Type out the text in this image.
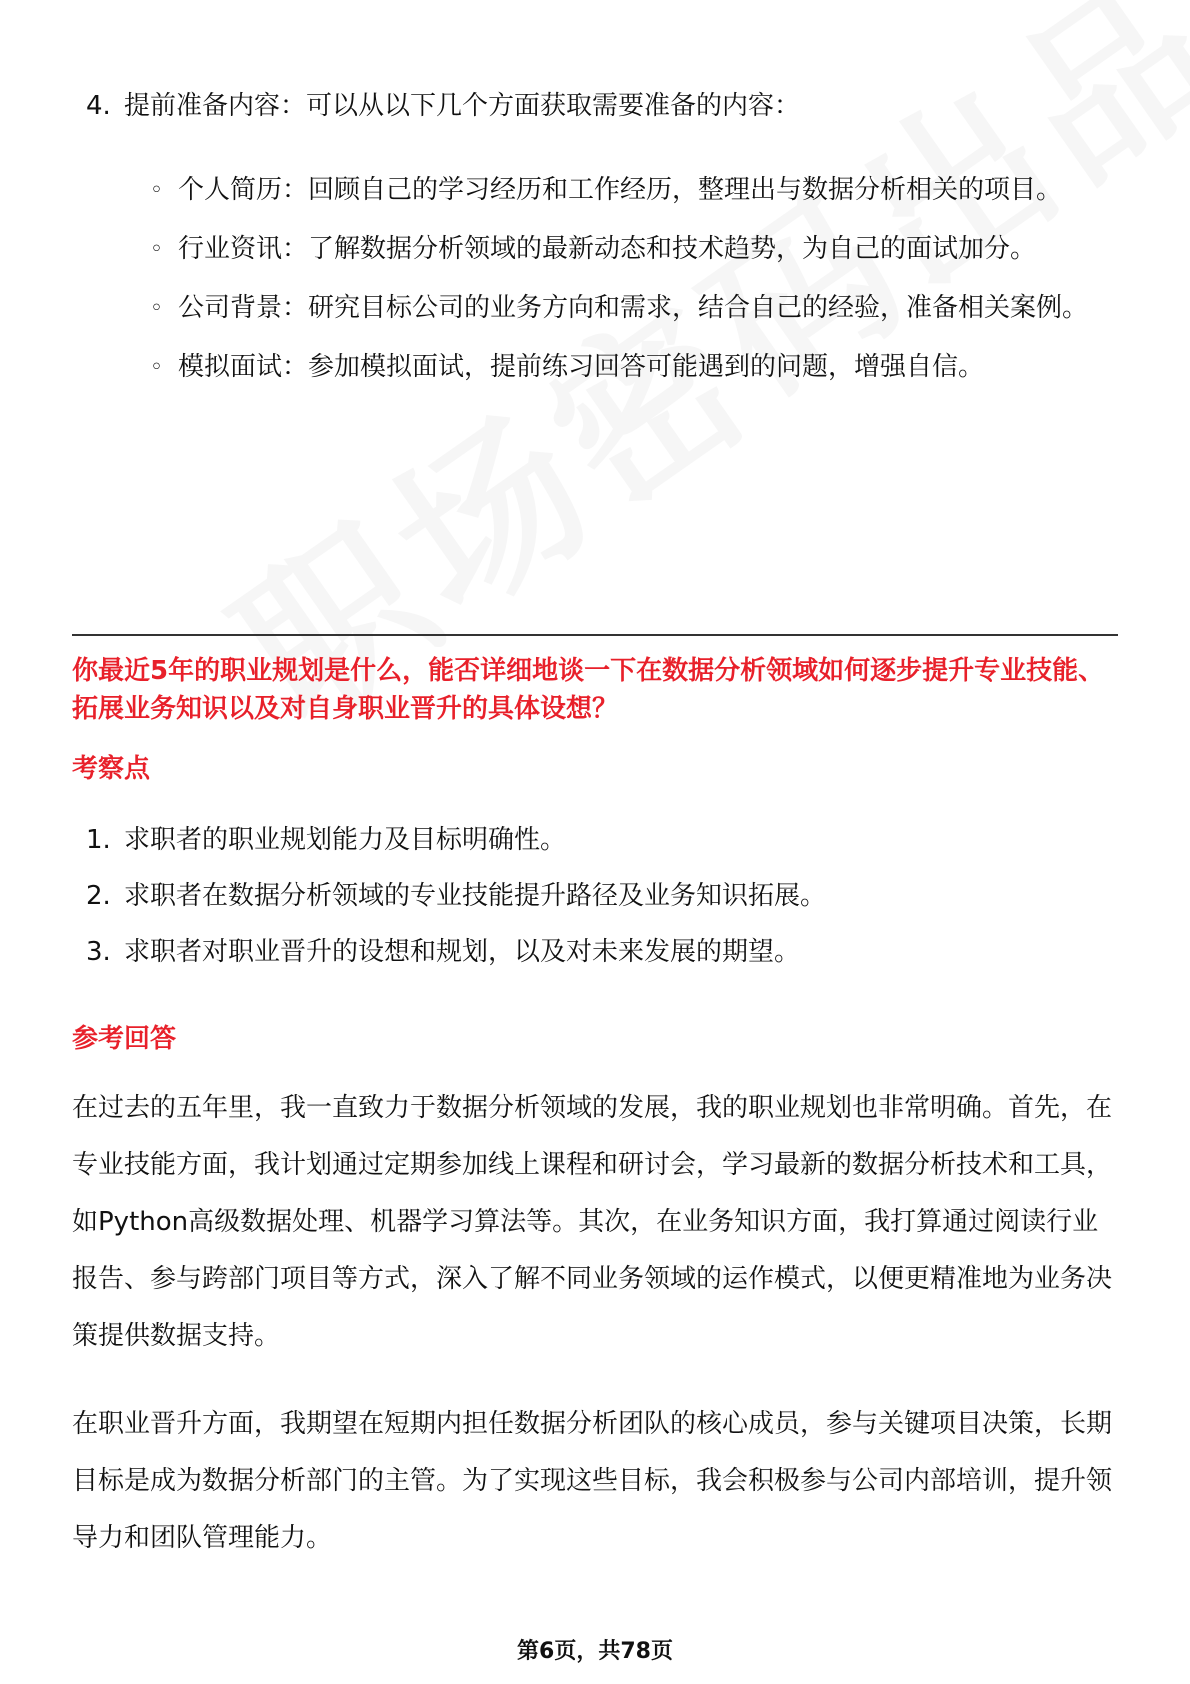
4. 提前准备内容：可以从以下几个方面获取需要准备的内容：
◦ 个人简历：回顾自己的学习经历和工作经历，整理出与数据分析相关的项目。
◦ 行业资讯：了解数据分析领域的最新动态和技术趋势，为自己的面试加分。
◦ 公司背景：研究目标公司的业务方向和需求，结合自己的经验，准备相关案例。
◦ 模拟面试：参加模拟面试，提前练习回答可能遇到的问题，增强自信。
你最近5年的职业规划是什么，能否详细地谈一下在数据分析领域如何逐步提升专业技能、拓展业务知识以及对自身职业晋升的具体设想？
考察点
1. 求职者的职业规划能力及目标明确性。
2. 求职者在数据分析领域的专业技能提升路径及业务知识拓展。
3. 求职者对职业晋升的设想和规划，以及对未来发展的期望。
参考回答
在过去的五年里，我一直致力于数据分析领域的发展，我的职业规划也非常明确。首先，在专业技能方面，我计划通过定期参加线上课程和研讨会，学习最新的数据分析技术和工具，如Python高级数据处理、机器学习算法等。其次，在业务知识方面，我打算通过阅读行业报告、参与跨部门项目等方式，深入了解不同业务领域的运作模式，以便更精准地为业务决策提供数据支持。
在职业晋升方面，我期望在短期内担任数据分析团队的核心成员，参与关键项目决策，长期目标是成为数据分析部门的主管。为了实现这些目标，我会积极参与公司内部培训，提升领导力和团队管理能力。
第6页，共78页
